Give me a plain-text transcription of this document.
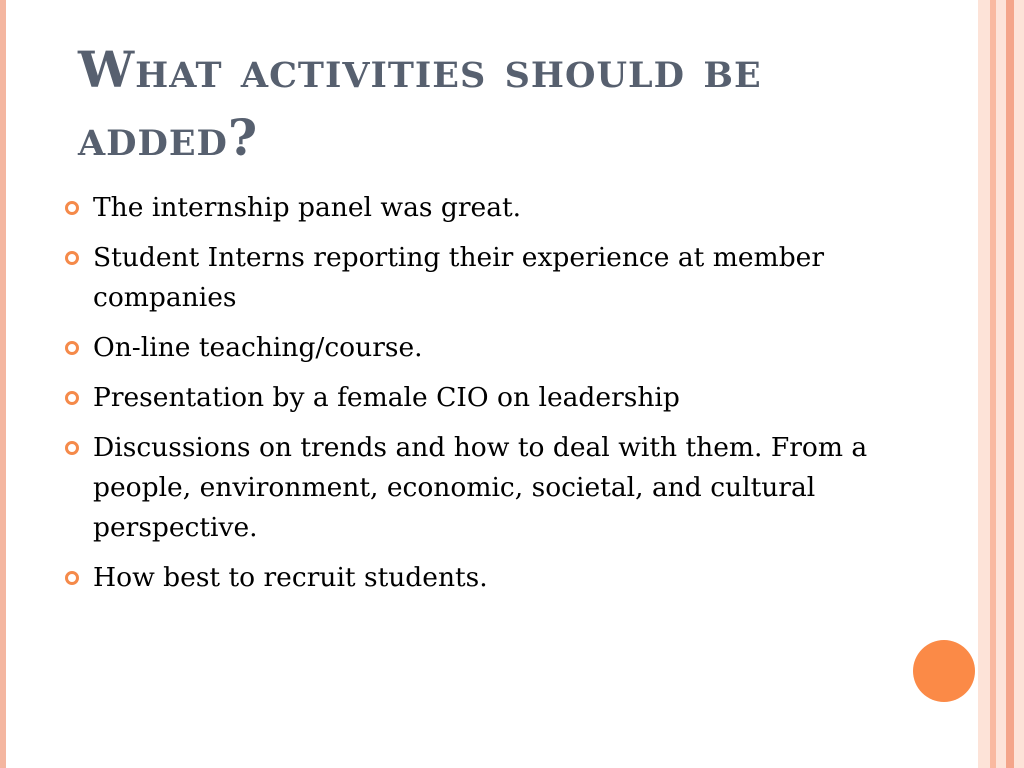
What activities should be added?
The internship panel was great.
Student Interns reporting their experience at member companies
On-line teaching/course.
Presentation by a female CIO on leadership
Discussions on trends and how to deal with them. From a people, environment, economic, societal, and cultural perspective.
How best to recruit students.
